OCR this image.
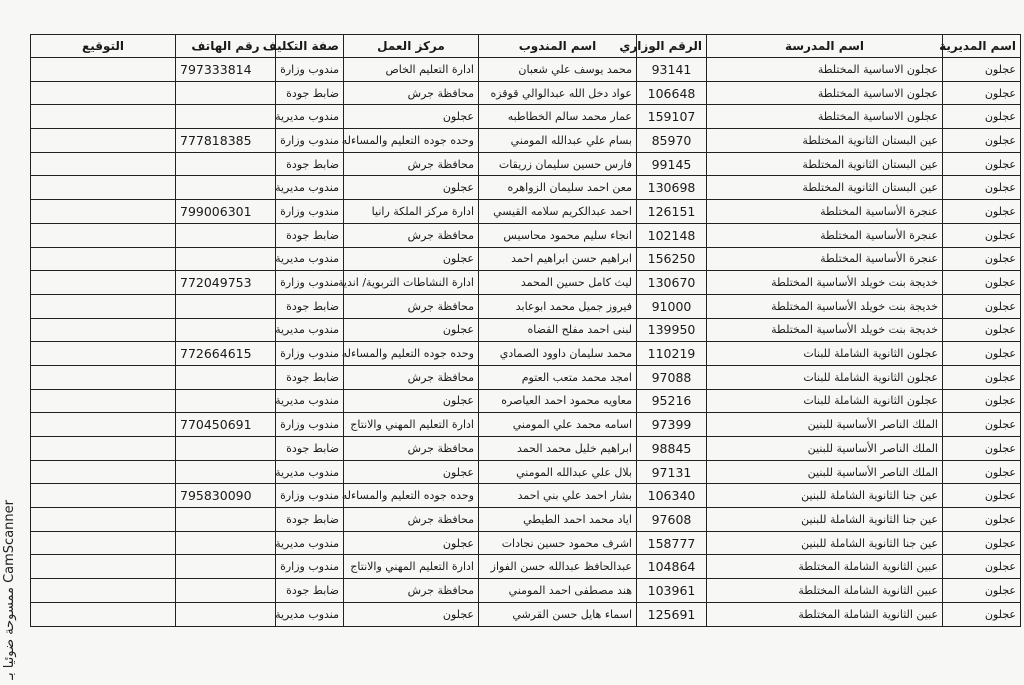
اسم المديرية	اسم المدرسة	الرقم الوزاري	اسم المندوب	مركز العمل	صفة التكليف	رقم الهاتف	التوقيع
عجلون	عجلون الاساسية المختلطة	93141	محمد يوسف علي شعبان	ادارة التعليم الخاص	مندوب وزارة	797333814	
عجلون	عجلون الاساسية المختلطة	106648	عواد دخل الله عبدالوالي قوقزه	محافظة جرش	ضابط جودة		
عجلون	عجلون الاساسية المختلطة	159107	عمار محمد سالم الخطاطبه	عجلون	مندوب مديرية		
عجلون	عين البستان الثانوية المختلطة	85970	بسام علي عبدالله المومني	وحده جوده التعليم والمساءله	مندوب وزارة	777818385	
عجلون	عين البستان الثانوية المختلطة	99145	فارس حسين سليمان زريقات	محافظة جرش	ضابط جودة		
عجلون	عين البستان الثانوية المختلطة	130698	معن احمد سليمان الزواهره	عجلون	مندوب مديرية		
عجلون	عنجرة الأساسية المختلطة	126151	احمد عبدالكريم سلامه القيسي	ادارة مركز الملكة رانيا	مندوب وزارة	799006301	
عجلون	عنجرة الأساسية المختلطة	102148	انجاء سليم محمود محاسيس	محافظة جرش	ضابط جودة		
عجلون	عنجرة الأساسية المختلطة	156250	ابراهيم حسن ابراهيم احمد	عجلون	مندوب مديرية		
عجلون	خديجة بنت خويلد الأساسية المختلطة	130670	ليث كامل حسين المحمد	ادارة النشاطات التربوية/ اندية	مندوب وزارة	772049753	
عجلون	خديجة بنت خويلد الأساسية المختلطة	91000	فيروز جميل محمد ابوعابد	محافظة جرش	ضابط جودة		
عجلون	خديجة بنت خويلد الأساسية المختلطة	139950	لبنى احمد مفلح القضاه	عجلون	مندوب مديرية		
عجلون	عجلون الثانوية الشاملة للبنات	110219	محمد سليمان داوود الصمادي	وحده جوده التعليم والمساءله	مندوب وزارة	772664615	
عجلون	عجلون الثانوية الشاملة للبنات	97088	امجد محمد متعب العتوم	محافظة جرش	ضابط جودة		
عجلون	عجلون الثانوية الشاملة للبنات	95216	معاويه محمود احمد العياصره	عجلون	مندوب مديرية		
عجلون	الملك الناصر الأساسية للبنين	97399	اسامه محمد علي المومني	ادارة التعليم المهني والانتاج	مندوب وزارة	770450691	
عجلون	الملك الناصر الأساسية للبنين	98845	ابراهيم خليل محمد الحمد	محافظة جرش	ضابط جودة		
عجلون	الملك الناصر الأساسية للبنين	97131	بلال علي عبدالله المومني	عجلون	مندوب مديرية		
عجلون	عين جنا الثانوية الشاملة للبنين	106340	بشار احمد علي بني احمد	وحده جوده التعليم والمساءله	مندوب وزارة	795830090	
عجلون	عين جنا الثانوية الشاملة للبنين	97608	اياد محمد احمد الطيطي	محافظة جرش	ضابط جودة		
عجلون	عين جنا الثانوية الشاملة للبنين	158777	اشرف محمود حسين نجادات	عجلون	مندوب مديرية		
عجلون	عبين الثانوية الشاملة المختلطة	104864	عبدالحافظ عبدالله حسن الفواز	ادارة التعليم المهني والانتاج	مندوب وزارة		
عجلون	عبين الثانوية الشاملة المختلطة	103961	هند مصطفى احمد المومني	محافظة جرش	ضابط جودة		
عجلون	عبين الثانوية الشاملة المختلطة	125691	اسماء هايل حسن القرشي	عجلون	مندوب مديرية		
ممسوحة ضوئيا بـ CamScanner
